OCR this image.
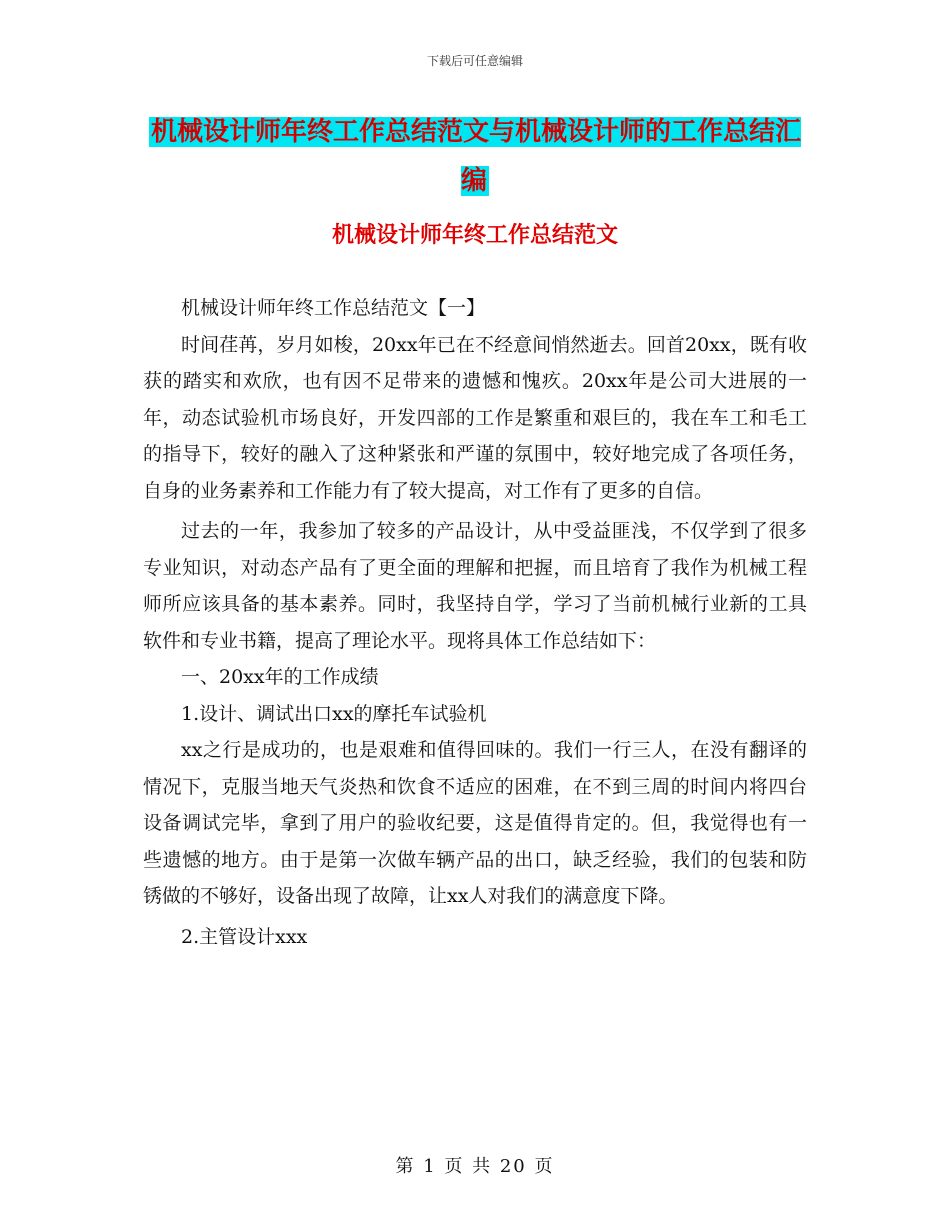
下载后可任意编辑
机械设计师年终工作总结范文与机械设计师的工作总结汇编
机械设计师年终工作总结范文

机械设计师年终工作总结范文【一】

时间荏苒，岁月如梭，20xx年已在不经意间悄然逝去。回首20xx，既有收获的踏实和欢欣，也有因不足带来的遗憾和愧疚。20xx年是公司大进展的一年，动态试验机市场良好，开发四部的工作是繁重和艰巨的，我在车工和毛工的指导下，较好的融入了这种紧张和严谨的氛围中，较好地完成了各项任务，自身的业务素养和工作能力有了较大提高，对工作有了更多的自信。

过去的一年，我参加了较多的产品设计，从中受益匪浅，不仅学到了很多专业知识，对动态产品有了更全面的理解和把握，而且培育了我作为机械工程师所应该具备的基本素养。同时，我坚持自学，学习了当前机械行业新的工具软件和专业书籍，提高了理论水平。现将具体工作总结如下：

一、20xx年的工作成绩

1.设计、调试出口xx的摩托车试验机

xx之行是成功的，也是艰难和值得回味的。我们一行三人，在没有翻译的情况下，克服当地天气炎热和饮食不适应的困难，在不到三周的时间内将四台设备调试完毕，拿到了用户的验收纪要，这是值得肯定的。但，我觉得也有一些遗憾的地方。由于是第一次做车辆产品的出口，缺乏经验，我们的包装和防锈做的不够好，设备出现了故障，让xx人对我们的满意度下降。

2.主管设计xxx

第 1 页 共 20 页
